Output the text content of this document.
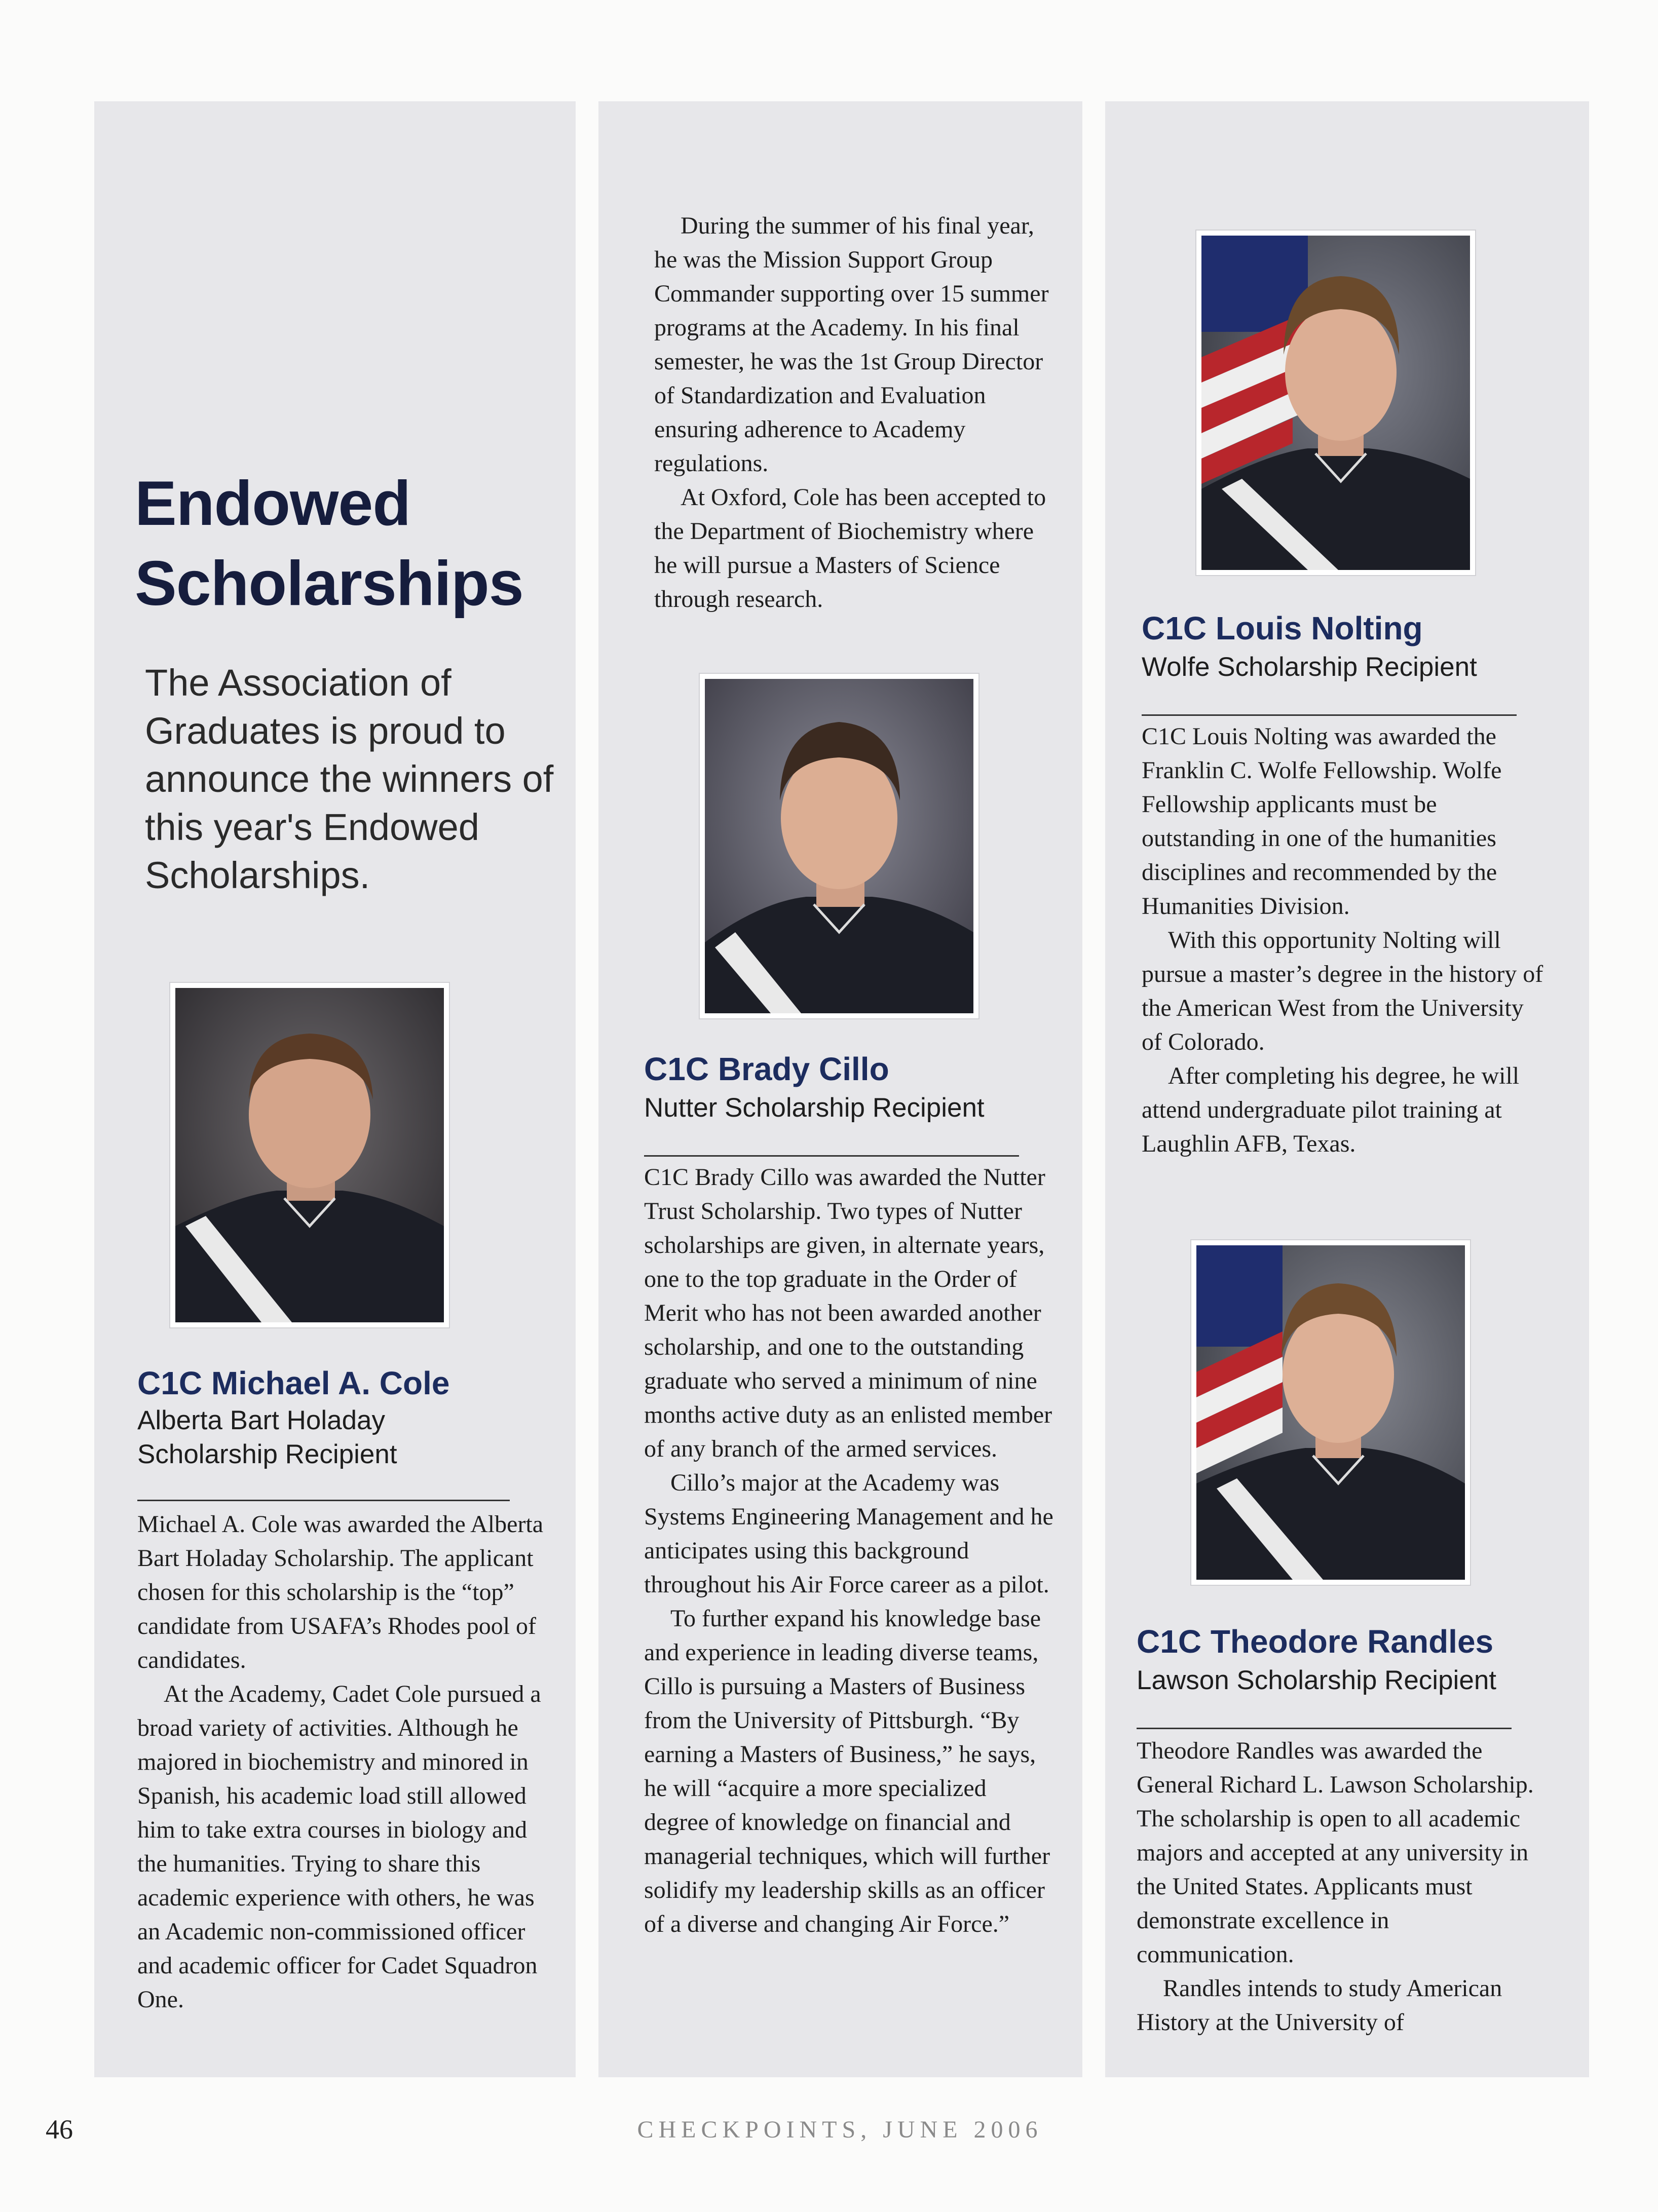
Endowed Scholarships
The Association of Graduates is proud to announce the winners of this year's Endowed Scholarships.
C1C Michael A. Cole
Alberta Bart Holaday Scholarship Recipient

Michael A. Cole was awarded the Alberta Bart Holaday Scholarship. The applicant chosen for this scholarship is the “top” candidate from USAFA’s Rhodes pool of candidates.

At the Academy, Cadet Cole pursued a broad variety of activities. Although he majored in biochemistry and minored in Spanish, his academic load still allowed him to take extra courses in biology and the humanities. Trying to share this academic experience with others, he was an Academic non-commissioned officer and academic officer for Cadet Squadron One.

During the summer of his final year, he was the Mission Support Group Commander supporting over 15 summer programs at the Academy. In his final semester, he was the 1st Group Director of Standardization and Evaluation ensuring adherence to Academy regulations.

At Oxford, Cole has been accepted to the Department of Biochemistry where he will pursue a Masters of Science through research.

C1C Brady Cillo
Nutter Scholarship Recipient

C1C Brady Cillo was awarded the Nutter Trust Scholarship. Two types of Nutter scholarships are given, in alternate years, one to the top graduate in the Order of Merit who has not been awarded another scholarship, and one to the outstanding graduate who served a minimum of nine months active duty as an enlisted member of any branch of the armed services.

Cillo’s major at the Academy was Systems Engineering Management and he anticipates using this background throughout his Air Force career as a pilot.

To further expand his knowledge base and experience in leading diverse teams, Cillo is pursuing a Masters of Business from the University of Pittsburgh. “By earning a Masters of Business,” he says, he will “acquire a more specialized degree of knowledge on financial and managerial techniques, which will further solidify my leadership skills as an officer of a diverse and changing Air Force.”

C1C Louis Nolting
Wolfe Scholarship Recipient

C1C Louis Nolting was awarded the Franklin C. Wolfe Fellowship. Wolfe Fellowship applicants must be outstanding in one of the humanities disciplines and recommended by the Humanities Division.

With this opportunity Nolting will pursue a master’s degree in the history of the American West from the University of Colorado.

After completing his degree, he will attend undergraduate pilot training at Laughlin AFB, Texas.

C1C Theodore Randles
Lawson Scholarship Recipient

Theodore Randles was awarded the General Richard L. Lawson Scholarship. The scholarship is open to all academic majors and accepted at any university in the United States. Applicants must demonstrate excellence in communication.

Randles intends to study American History at the University of

46	CHECKPOINTS, JUNE 2006
